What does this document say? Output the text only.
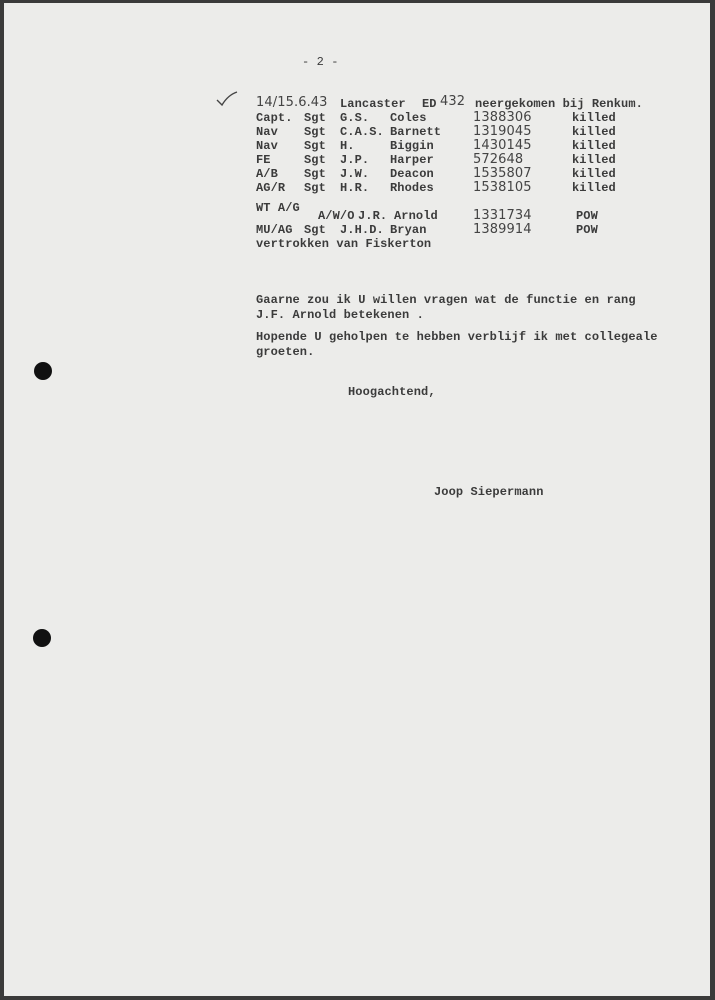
- 2 -
14/15.6.43 Lancaster ED 432 neergekomen bij Renkum.
Capt. Sgt G.S. Coles	1388306	killed
Nav Sgt C.A.S. Barnett 1319045	killed
Nav Sgt H.	Biggin	1430145	killed
FE	Sgt J.P. Harper	572648	killed
A/B Sgt J.W. Deacon	1535807	killed
AG/R Sgt H.R. Rhodes	1538105	killed
WT A/G
A/W/O J.R. Arnold	1331734	POW
MU/AG Sgt J.H.D. Bryan	1389914	POW
vertrokken van Fiskerton
Gaarne zou ik U willen vragen wat de functie en rang
J.F. Arnold betekenen .
Hopende U geholpen te hebben verblijf ik met collegeale
groeten.
Hoogachtend,
Joop Siepermann
